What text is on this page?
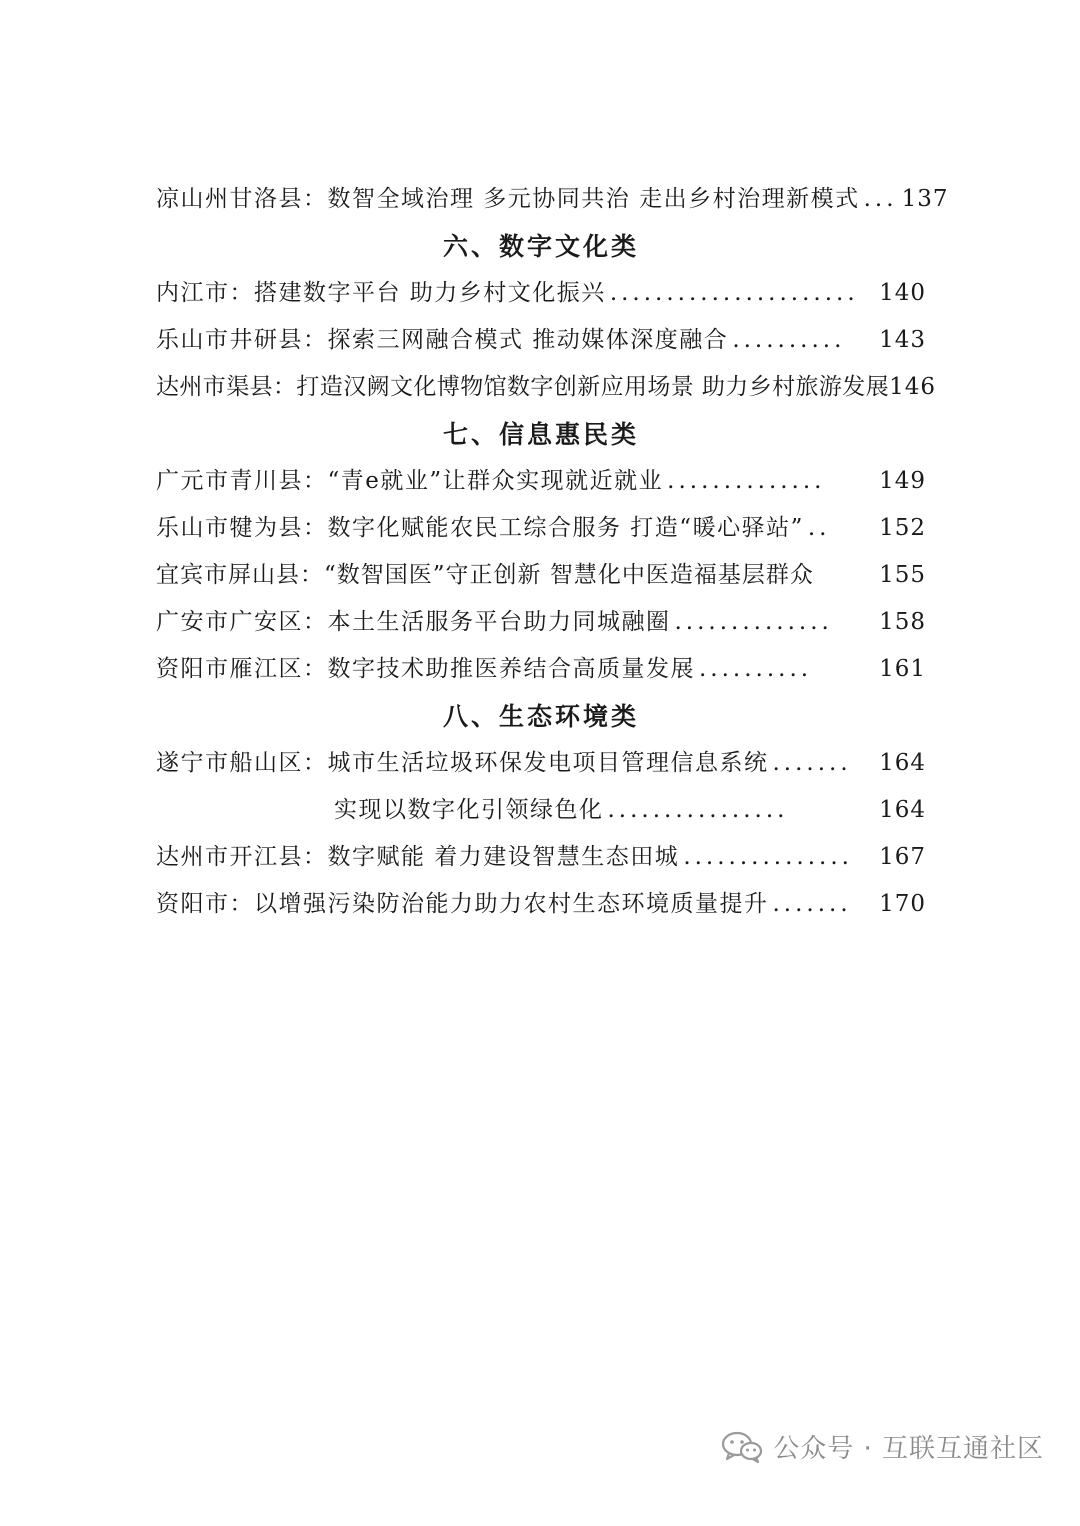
凉山州甘洛县：数智全域治理 多元协同共治 走出乡村治理新模式 ... 137
六、数字文化类
内江市：搭建数字平台 助力乡村文化振兴 ...................... 140
乐山市井研县：探索三网融合模式 推动媒体深度融合 ..........	143
达州市渠县：打造汉阙文化博物馆数字创新应用场景 助力乡村旅游发展 146
七、信息惠民类
广元市青川县：“青e就业”让群众实现就近就业 ..............	149
乐山市犍为县：数字化赋能农民工综合服务 打造“暖心驿站” ..	152
宜宾市屏山县：“数智国医”守正创新 智慧化中医造福基层群众	155
广安市广安区：本土生活服务平台助力同城融圈 ..............	158
资阳市雁江区：数字技术助推医养结合高质量发展 ..........	161
八、生态环境类
遂宁市船山区：城市生活垃圾环保发电项目管理信息系统 .......	164
实现以数字化引领绿色化 ................	164
达州市开江县：数字赋能 着力建设智慧生态田城 ...............	167
资阳市：以增强污染防治能力助力农村生态环境质量提升 .......	170
公众号 · 互联互通社区
